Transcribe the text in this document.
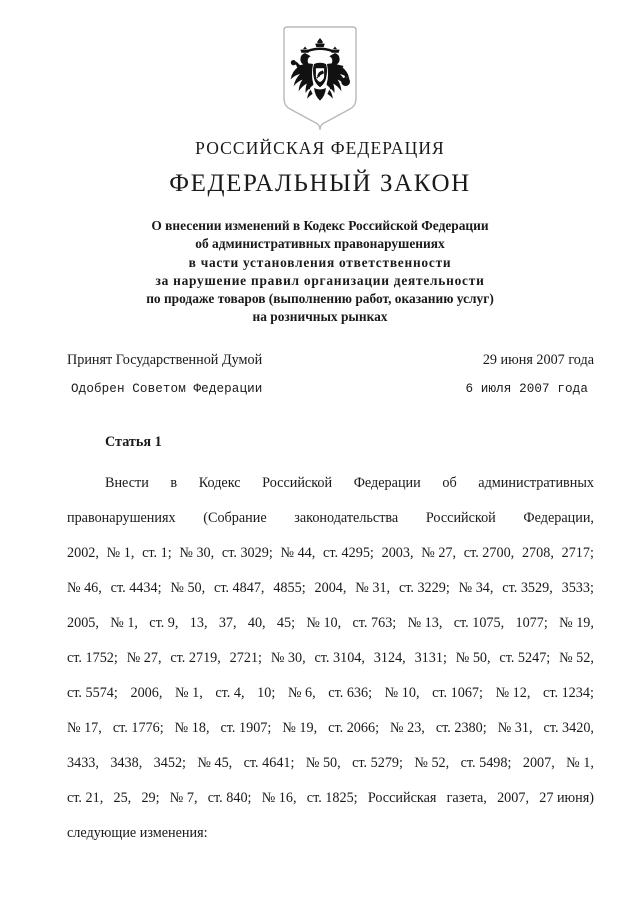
РОССИЙСКАЯ ФЕДЕРАЦИЯ
ФЕДЕРАЛЬНЫЙ ЗАКОН
О внесении изменений в Кодекс Российской Федерации
об административных правонарушениях
в части установления ответственности
за нарушение правил организации деятельности
по продаже товаров (выполнению работ, оказанию услуг)
на розничных рынках
Принят Государственной Думой	29 июня 2007 года
Одобрен Советом Федерации	6 июля 2007 года
Статья 1
Внести в Кодекс Российской Федерации об административных
правонарушениях (Собрание законодательства Российской Федерации,
2002, № 1, ст. 1; № 30, ст. 3029; № 44, ст. 4295; 2003, № 27, ст. 2700, 2708, 2717;
№ 46, ст. 4434; № 50, ст. 4847, 4855; 2004, № 31, ст. 3229; № 34, ст. 3529, 3533;
2005, № 1, ст. 9, 13, 37, 40, 45; № 10, ст. 763; № 13, ст. 1075, 1077; № 19,
ст. 1752; № 27, ст. 2719, 2721; № 30, ст. 3104, 3124, 3131; № 50, ст. 5247; № 52,
ст. 5574; 2006, № 1, ст. 4, 10; № 6, ст. 636; № 10, ст. 1067; № 12, ст. 1234;
№ 17, ст. 1776; № 18, ст. 1907; № 19, ст. 2066; № 23, ст. 2380; № 31, ст. 3420,
3433, 3438, 3452; № 45, ст. 4641; № 50, ст. 5279; № 52, ст. 5498; 2007, № 1,
ст. 21, 25, 29; № 7, ст. 840; № 16, ст. 1825; Российская газета, 2007, 27 июня)
следующие изменения:
